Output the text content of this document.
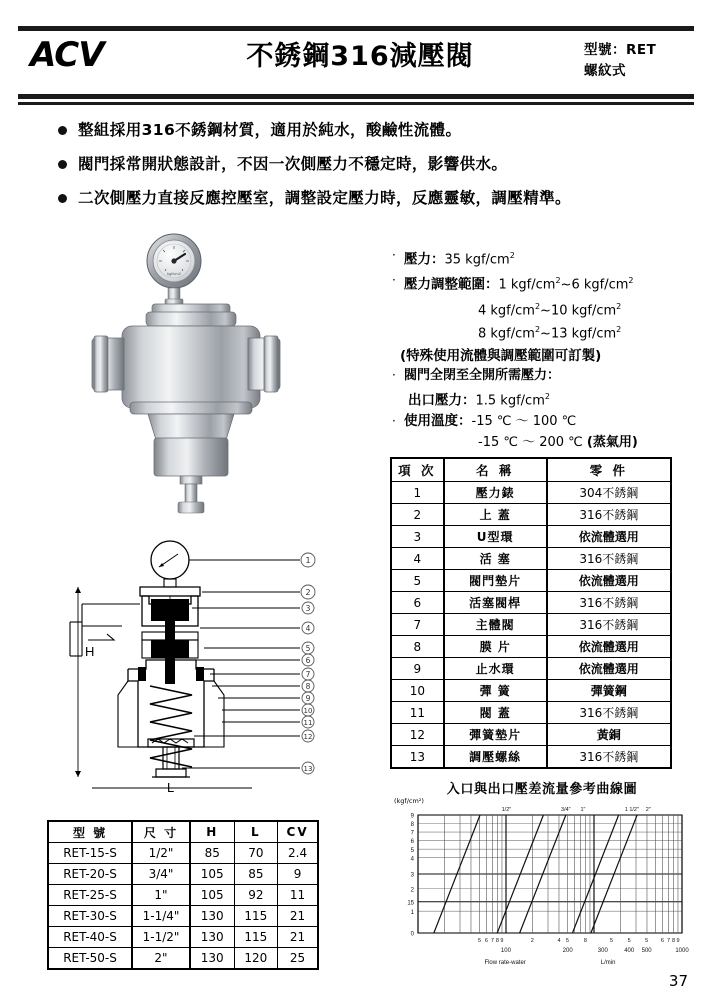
ACV	不銹鋼316減壓閥	型號：RET
螺紋式
整組採用316不銹鋼材質，適用於純水，酸鹼性流體。
閥門採常開狀態設計，不因一次側壓力不穩定時，影響供水。
二次側壓力直接反應控壓室，調整設定壓力時，反應靈敏，調壓精準。
kgf/cm2
· 壓力：35 kgf/$cm^2$
· 壓力調整範圍：1 kgf/$cm^2\sim 6$ kgf/$cm^2$
4 kgf/$cm^2\sim 10$ kgf/$cm^2$
8 kgf/$cm^2\sim 13$ kgf/$cm^2$
(特殊使用流體與調壓範圍可訂製)
· 閥門全閉至全開所需壓力：
出口壓力：1.5 kgf/$cm^2$
· 使用溫度：-15 ℃ ～ 100 ℃
-15 ℃ ～ 200 ℃ (蒸氣用)
項 次	名 稱	零 件
1	壓力錶	304不銹鋼
2	上 蓋	316不銹鋼
3	U型環	依流體選用
4	活 塞	316不銹鋼
5	閥門墊片	依流體選用
6	活塞閥桿	316不銹鋼
7	主體閥	316不銹鋼
8	膜 片	依流體選用
9	止水環	依流體選用
10	彈 簧	彈簧鋼
11	閥 蓋	316不銹鋼
12	彈簧墊片	黃銅
13	調壓螺絲	316不銹鋼
1
2
3
4
5
6
7
8
9
10
11
12
13
H
L
型 號	尺 寸	H	L	CV
RET-15-S	1/2"	85	70	2.4
RET-20-S	3/4"	105	85	9
RET-25-S	1"	105	92	11
RET-30-S	1-1/4"	130	115	21
RET-40-S	1-1/2"	130	115	21
RET-50-S	2"	130	120	25
入口與出口壓差流量參考曲線圖
(kgf/cm²)
9
8
7
6
5
4
3
2
15
1
0
1/2"	3/4" 1"	1 1/2" 2"
5 6 7 8 9	2	4 5	8	5	5	5 6 7 8 9
100	200	300	400 500	1000
Flow rate-water	L/min
37
